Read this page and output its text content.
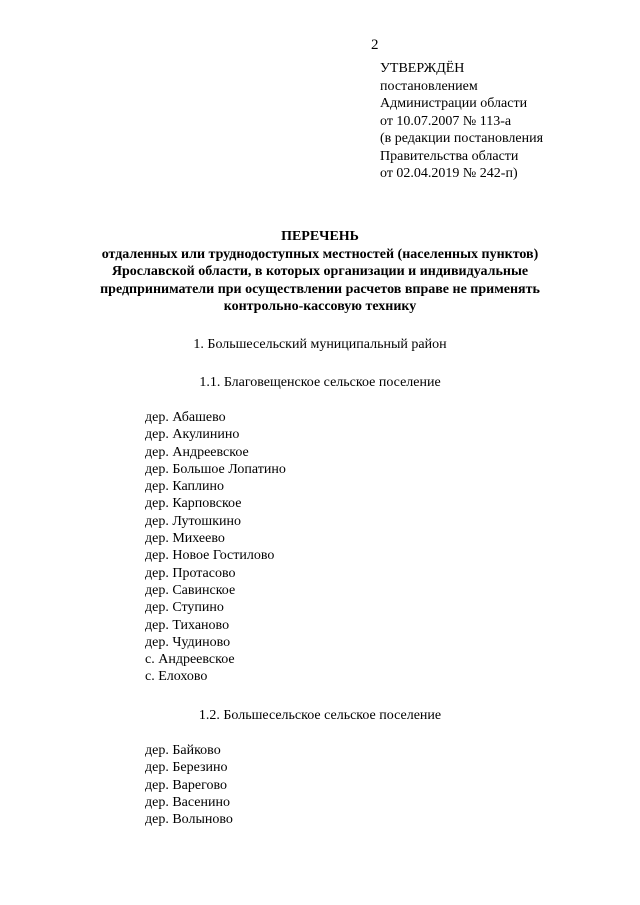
2
УТВЕРЖДЁН
постановлением
Администрации области
от 10.07.2007 № 113-а
(в редакции постановления
Правительства области
от 02.04.2019 № 242-п)
ПЕРЕЧЕНЬ
отдаленных или труднодоступных местностей (населенных пунктов)
Ярославской области, в которых организации и индивидуальные
предприниматели при осуществлении расчетов вправе не применять
контрольно-кассовую технику
1. Большесельский муниципальный район
1.1. Благовещенское сельское поселение
дер. Абашево
дер. Акулинино
дер. Андреевское
дер. Большое Лопатино
дер. Каплино
дер. Карповское
дер. Лутошкино
дер. Михеево
дер. Новое Гостилово
дер. Протасово
дер. Савинское
дер. Ступино
дер. Тиханово
дер. Чудиново
с. Андреевское
с. Елохово
1.2. Большесельское сельское поселение
дер. Байково
дер. Березино
дер. Варегово
дер. Васенино
дер. Волыново
